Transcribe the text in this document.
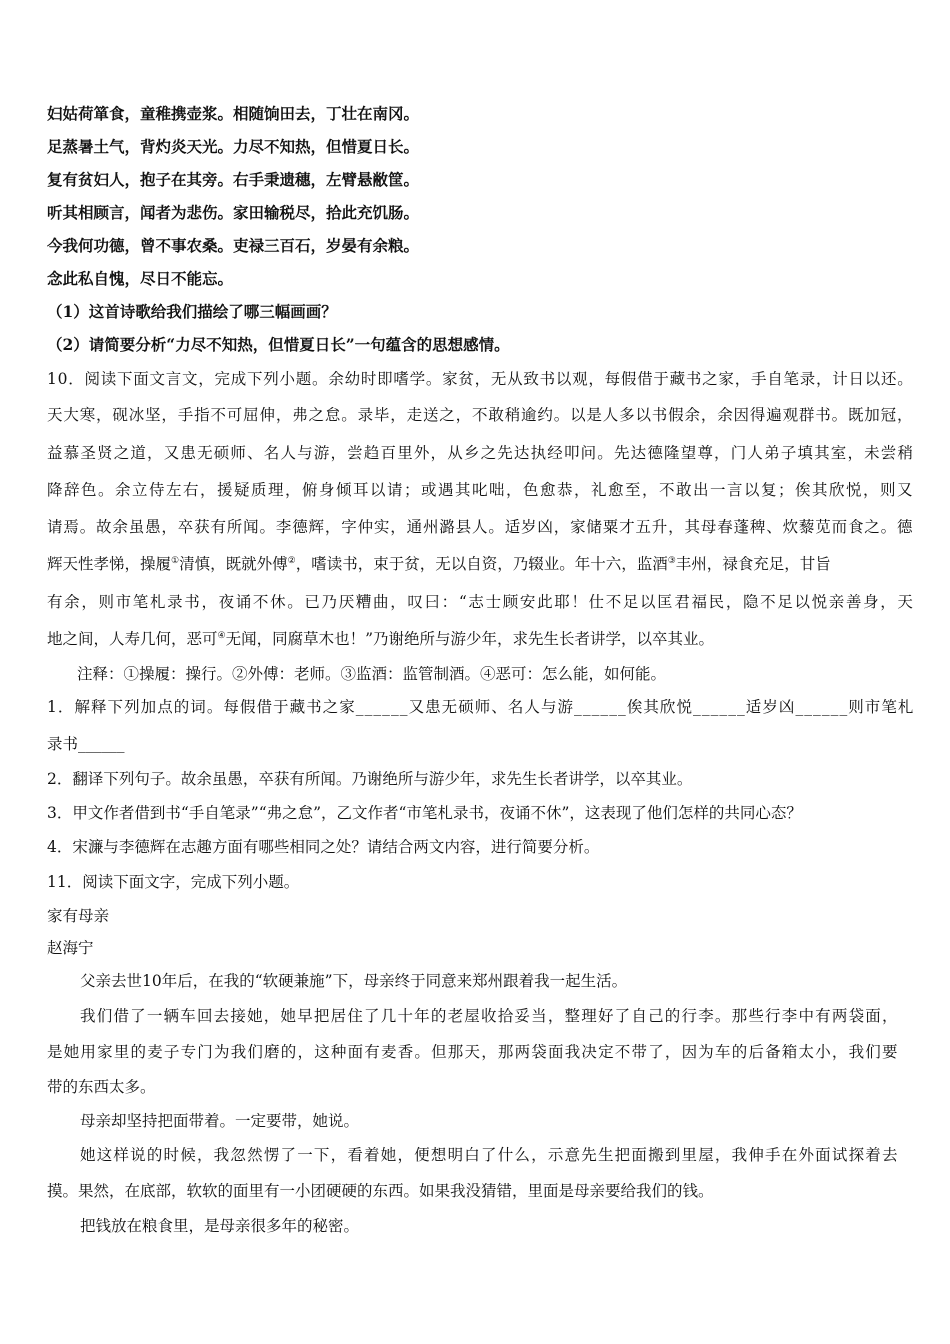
妇姑荷箪食，童稚携壶浆。相随饷田去，丁壮在南冈。
足蒸暑土气，背灼炎天光。力尽不知热，但惜夏日长。
复有贫妇人，抱子在其旁。右手秉遗穗，左臂悬敝筐。
听其相顾言，闻者为悲伤。家田输税尽，拾此充饥肠。
今我何功德，曾不事农桑。吏禄三百石，岁晏有余粮。
念此私自愧，尽日不能忘。
（1）这首诗歌给我们描绘了哪三幅画画？
（2）请简要分析“力尽不知热，但惜夏日长”一句蕴含的思想感情。
10．阅读下面文言文，完成下列小题。余幼时即嗜学。家贫，无从致书以观，每假借于藏书之家，手自笔录，计日以还。
天大寒，砚冰坚，手指不可屈伸，弗之怠。录毕，走送之，不敢稍逾约。以是人多以书假余，余因得遍观群书。既加冠，
益慕圣贤之道，又患无硕师、名人与游，尝趋百里外，从乡之先达执经叩问。先达德隆望尊，门人弟子填其室，未尝稍
降辞色。余立侍左右，援疑质理，俯身倾耳以请；或遇其叱咄，色愈恭，礼愈至，不敢出一言以复；俟其欣悦，则又
请焉。故余虽愚，卒获有所闻。李德辉，字仲实，通州潞县人。适岁凶，家储粟才五升，其母春蓬稗、炊藜苋而食之。德
辉天性孝悌，操履①清慎，既就外傅②，嗜读书，束于贫，无以自资，乃辍业。年十六，监酒③丰州，禄食充足，甘旨
有余，则市笔札录书，夜诵不休。已乃厌糟曲，叹曰：“志士顾安此耶！仕不足以匡君福民，隐不足以悦亲善身，天
地之间，人寿几何，恶可④无闻，同腐草木也！”乃谢绝所与游少年，求先生长者讲学，以卒其业。
注释：①操履：操行。②外傅：老师。③监酒：监管制酒。④恶可：怎么能，如何能。
1．解释下列加点的词。每假借于藏书之家______又患无硕师、名人与游______俟其欣悦______适岁凶______则市笔札
录书______
2．翻译下列句子。故余虽愚，卒获有所闻。乃谢绝所与游少年，求先生长者讲学，以卒其业。
3．甲文作者借到书“手自笔录”“弗之怠”，乙文作者“市笔札录书，夜诵不休”，这表现了他们怎样的共同心态？
4．宋濂与李德辉在志趣方面有哪些相同之处？请结合两文内容，进行简要分析。
11．阅读下面文字，完成下列小题。
家有母亲
赵海宁
父亲去世10年后，在我的“软硬兼施”下，母亲终于同意来郑州跟着我一起生活。
我们借了一辆车回去接她，她早把居住了几十年的老屋收拾妥当，整理好了自己的行李。那些行李中有两袋面，
是她用家里的麦子专门为我们磨的，这种面有麦香。但那天，那两袋面我决定不带了，因为车的后备箱太小，我们要
带的东西太多。
母亲却坚持把面带着。一定要带，她说。
她这样说的时候，我忽然愣了一下，看着她，便想明白了什么，示意先生把面搬到里屋，我伸手在外面试探着去
摸。果然，在底部，软软的面里有一小团硬硬的东西。如果我没猜错，里面是母亲要给我们的钱。
把钱放在粮食里，是母亲很多年的秘密。
